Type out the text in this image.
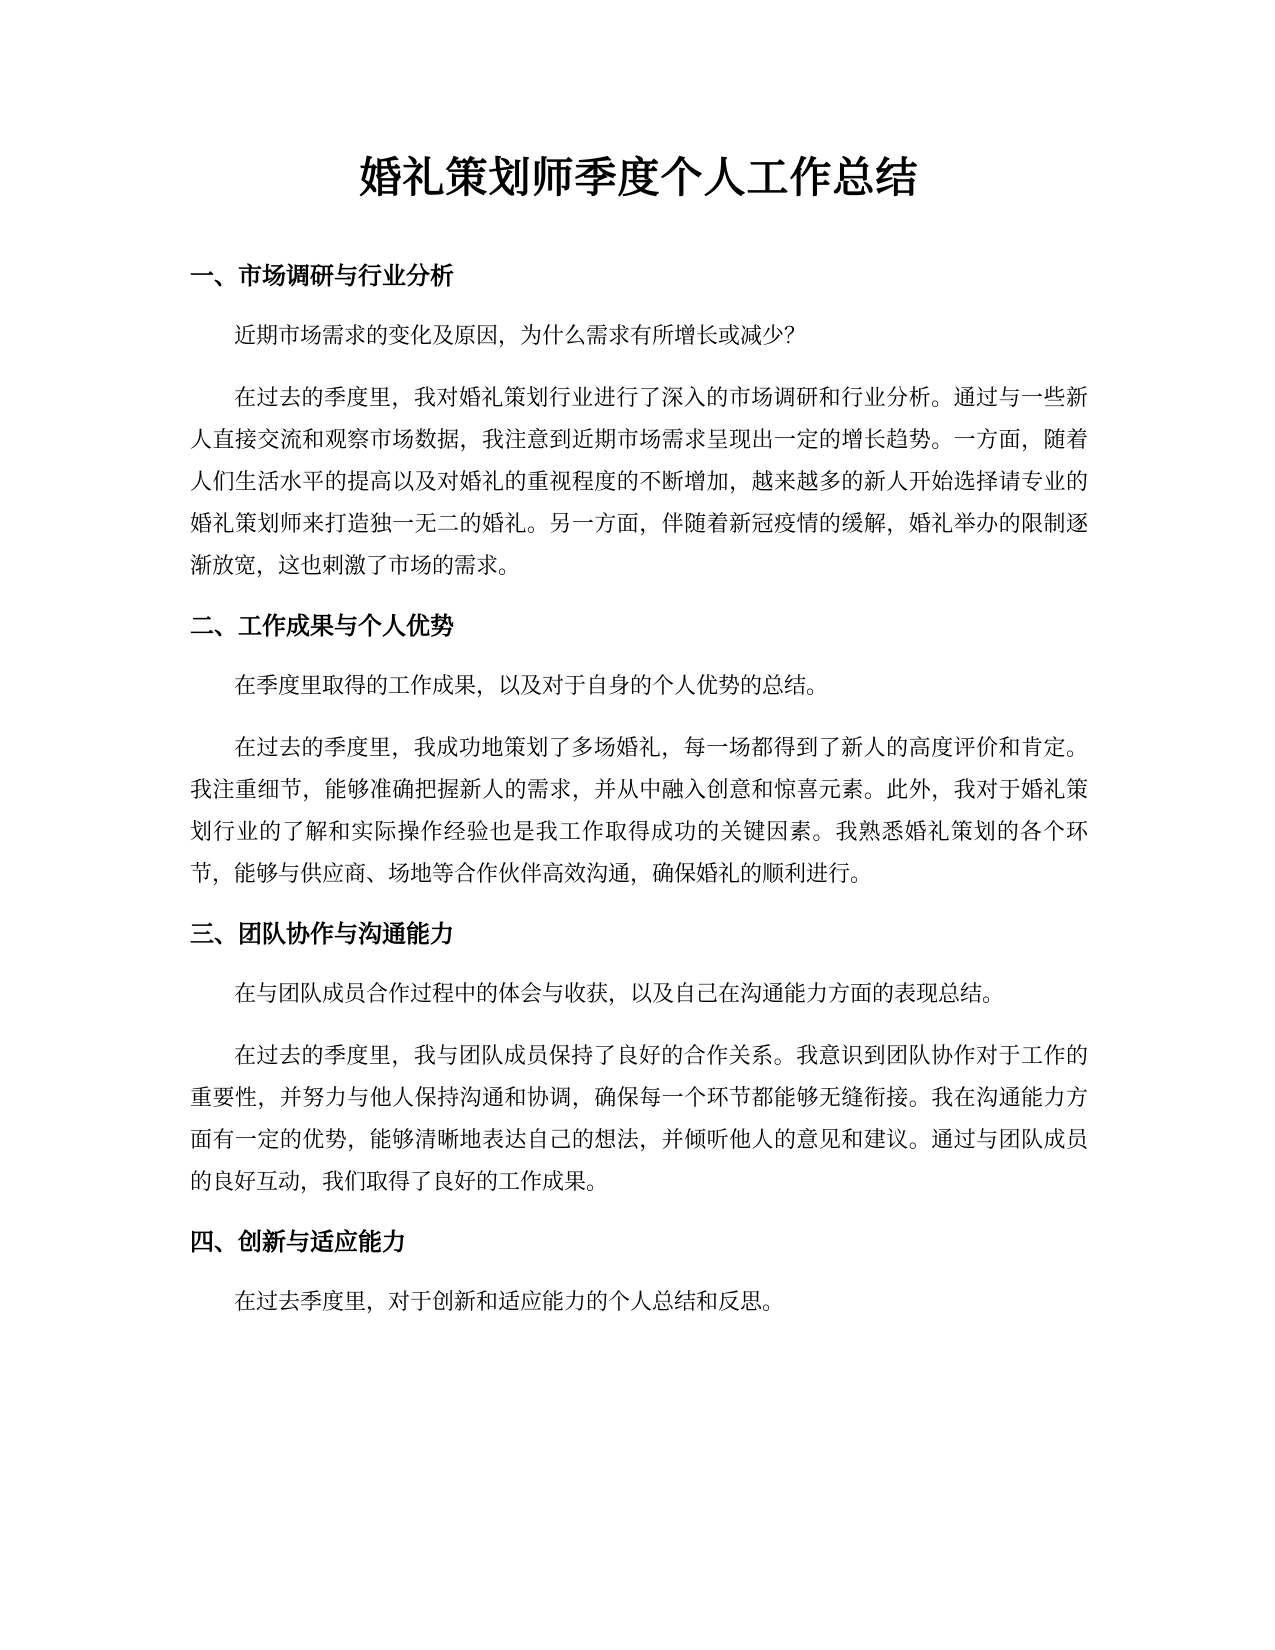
婚礼策划师季度个人工作总结
一、市场调研与行业分析

近期市场需求的变化及原因，为什么需求有所增长或减少？

在过去的季度里，我对婚礼策划行业进行了深入的市场调研和行业分析。通过与一些新人直接交流和观察市场数据，我注意到近期市场需求呈现出一定的增长趋势。一方面，随着人们生活水平的提高以及对婚礼的重视程度的不断增加，越来越多的新人开始选择请专业的婚礼策划师来打造独一无二的婚礼。另一方面，伴随着新冠疫情的缓解，婚礼举办的限制逐渐放宽，这也刺激了市场的需求。

二、工作成果与个人优势

在季度里取得的工作成果，以及对于自身的个人优势的总结。

在过去的季度里，我成功地策划了多场婚礼，每一场都得到了新人的高度评价和肯定。我注重细节，能够准确把握新人的需求，并从中融入创意和惊喜元素。此外，我对于婚礼策划行业的了解和实际操作经验也是我工作取得成功的关键因素。我熟悉婚礼策划的各个环节，能够与供应商、场地等合作伙伴高效沟通，确保婚礼的顺利进行。

三、团队协作与沟通能力

在与团队成员合作过程中的体会与收获，以及自己在沟通能力方面的表现总结。

在过去的季度里，我与团队成员保持了良好的合作关系。我意识到团队协作对于工作的重要性，并努力与他人保持沟通和协调，确保每一个环节都能够无缝衔接。我在沟通能力方面有一定的优势，能够清晰地表达自己的想法，并倾听他人的意见和建议。通过与团队成员的良好互动，我们取得了良好的工作成果。

四、创新与适应能力

在过去季度里，对于创新和适应能力的个人总结和反思。
